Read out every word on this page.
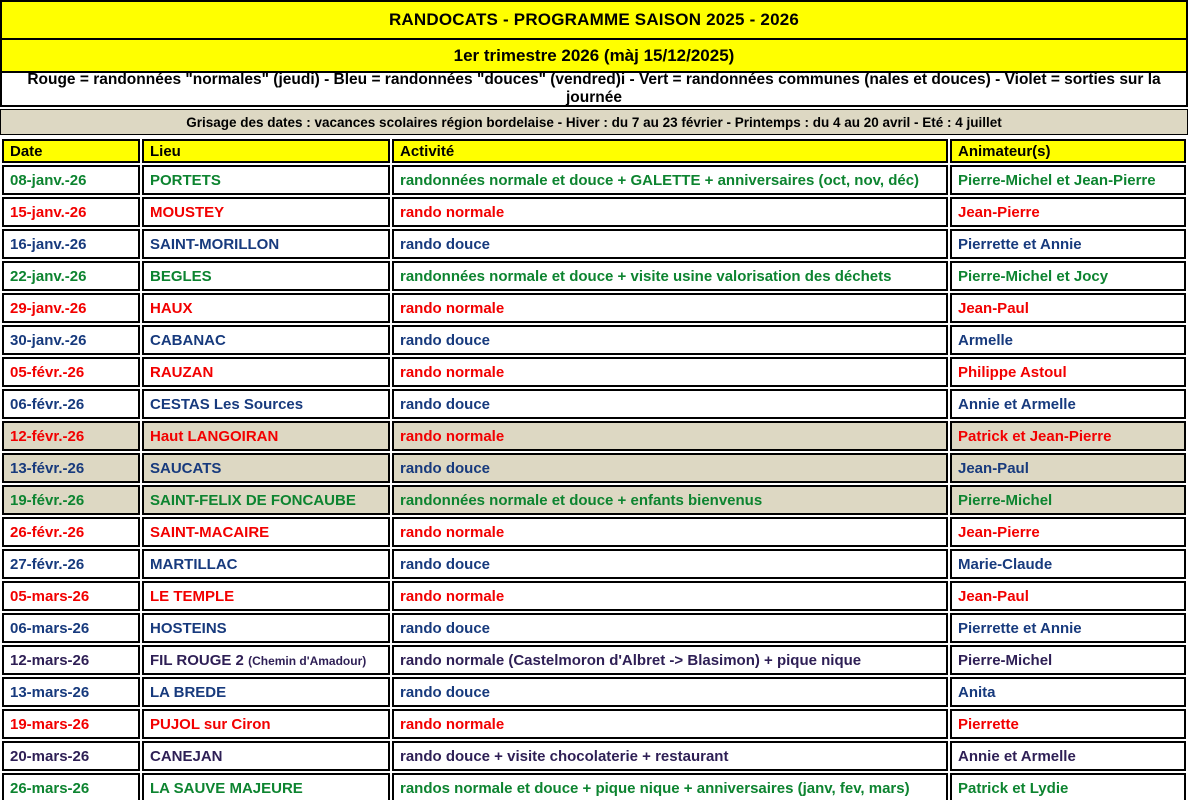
RANDOCATS - PROGRAMME SAISON 2025 - 2026
1er trimestre 2026 (màj 15/12/2025)
Rouge = randonnées "normales" (jeudi) - Bleu = randonnées "douces" (vendred)i - Vert = randonnées communes (nales et douces) - Violet = sorties sur la journée
Grisage des dates : vacances scolaires région bordelaise - Hiver : du 7 au 23 février - Printemps : du 4 au 20 avril - Eté : 4 juillet
Date	Lieu	Activité	Animateur(s)
08-janv.-26	PORTETS	randonnées normale et douce + GALETTE + anniversaires (oct, nov, déc)	Pierre-Michel et Jean-Pierre
15-janv.-26	MOUSTEY	rando normale	Jean-Pierre
16-janv.-26	SAINT-MORILLON	rando douce	Pierrette et Annie
22-janv.-26	BEGLES	randonnées normale et douce + visite usine valorisation des déchets	Pierre-Michel et Jocy
29-janv.-26	HAUX	rando normale	Jean-Paul
30-janv.-26	CABANAC	rando douce	Armelle
05-févr.-26	RAUZAN	rando normale	Philippe Astoul
06-févr.-26	CESTAS Les Sources	rando douce	Annie et Armelle
12-févr.-26	Haut LANGOIRAN	rando normale	Patrick et Jean-Pierre
13-févr.-26	SAUCATS	rando douce	Jean-Paul
19-févr.-26	SAINT-FELIX DE FONCAUBE	randonnées normale et douce + enfants bienvenus	Pierre-Michel
26-févr.-26	SAINT-MACAIRE	rando normale	Jean-Pierre
27-févr.-26	MARTILLAC	rando douce	Marie-Claude
05-mars-26	LE TEMPLE	rando normale	Jean-Paul
06-mars-26	HOSTEINS	rando douce	Pierrette et Annie
12-mars-26	FIL ROUGE 2 (Chemin d'Amadour)	rando normale (Castelmoron d'Albret -> Blasimon) + pique nique	Pierre-Michel
13-mars-26	LA BREDE	rando douce	Anita
19-mars-26	PUJOL sur Ciron	rando normale	Pierrette
20-mars-26	CANEJAN	rando douce + visite chocolaterie + restaurant	Annie et Armelle
26-mars-26	LA SAUVE MAJEURE	randos normale et douce + pique nique + anniversaires (janv, fev, mars)	Patrick et Lydie
